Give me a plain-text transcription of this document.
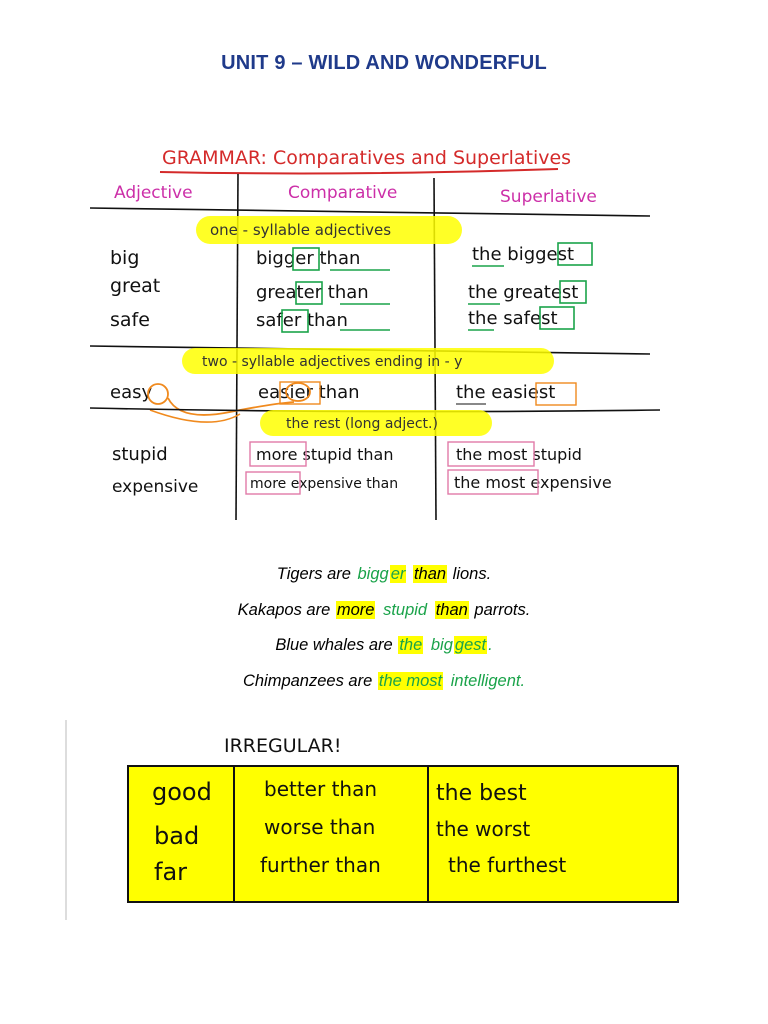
UNIT 9 – WILD AND WONDERFUL
GRAMMAR: Comparatives and Superlatives
Adjective	Comparative	Superlative
one - syllable adjectives
big	bigger than	the biggest
great	greater than	the greatest
safe	safer than	the safest
two - syllable adjectives ending in - y
easy	easier than	the easiest
the rest (long adject.)
stupid	more stupid than	the most stupid
expensive	more expensive than	the most expensive
Tigers are bigg er than lions.
Kakapos are more stupid than parrots.
Blue whales are the big gest .
Chimpanzees are the most intelligent.
IRREGULAR!
good	better than	the best
bad	worse than	the worst
far	further than	the furthest
